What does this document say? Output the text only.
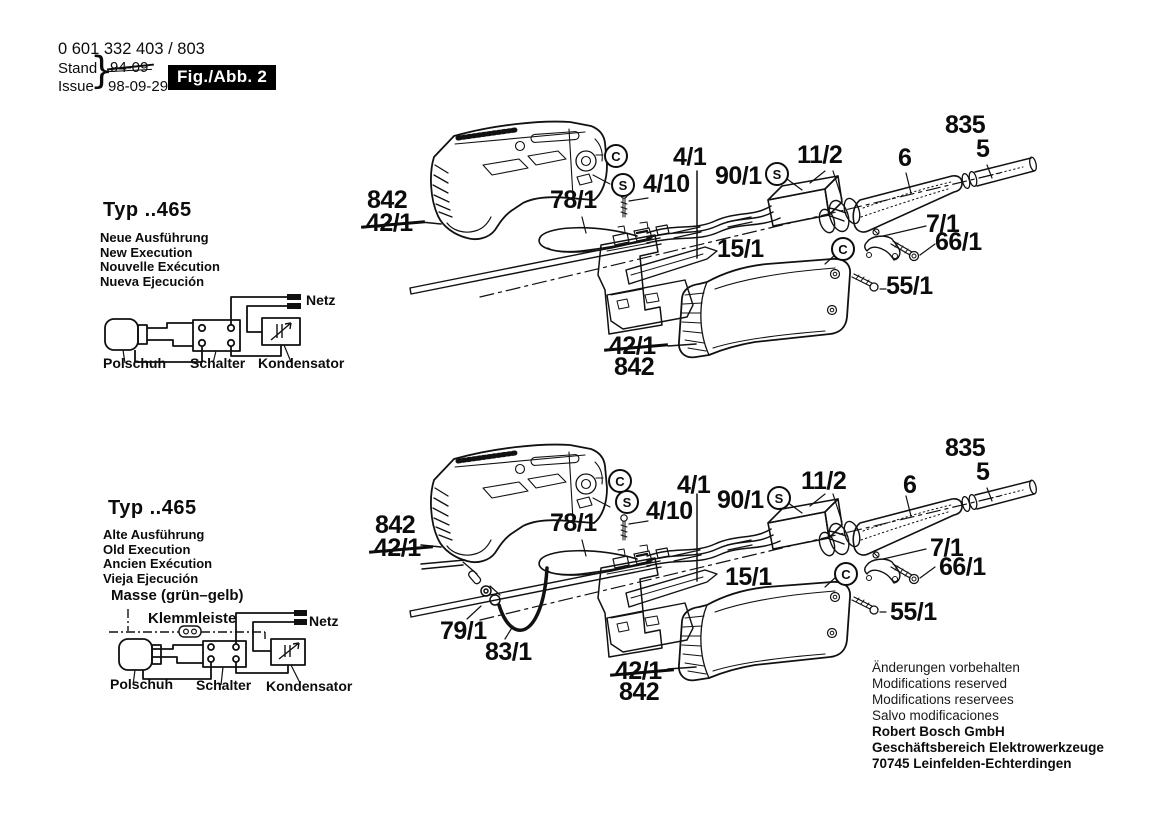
0 601 332 403 / 803
Stand
Issue
}
94-09
98-09-29
Fig./Abb. 2
Typ ..465
Neue Ausführung
New Execution
Nouvelle Exécution
Nueva Ejecución
Netz
Polschuh Schalter Kondensator
Typ ..465
Alte Ausführung
Old Execution
Ancien Exécution
Vieja Ejecución
Masse (grün–gelb)
Klemmleiste	Netz
Polschuh Schalter Kondensator
835
5
842
42/1
78/1
4/1
4/10 90/1 S
11/2 6
7/1
66/1
15/1	C
55/1
42/1
842
C
S
835
5
842
42/1
78/1
4/1
4/10 90/1 S
11/2 6
7/1
66/1
15/1	C
55/1
79/1
83/1
42/1
842
C
S
Änderungen vorbehalten
Modifications reserved
Modifications reservees
Salvo modificaciones
Robert Bosch GmbH
Geschäftsbereich Elektrowerkzeuge
70745 Leinfelden-Echterdingen
